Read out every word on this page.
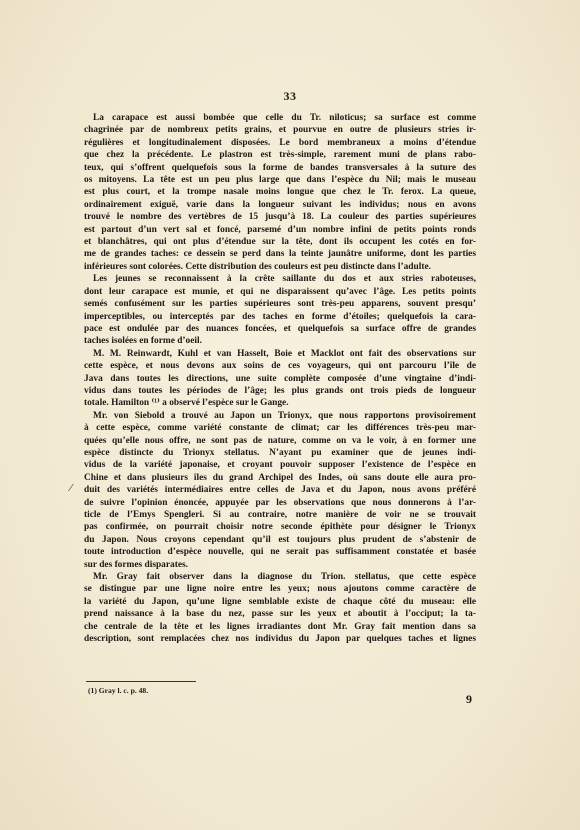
33
La carapace est aussi bombée que celle du Tr. niloticus; sa surface est comme
chagrinée par de nombreux petits grains, et pourvue en outre de plusieurs stries ir-
régulières et longitudinalement disposées. Le bord membraneux a moins d’étendue
que chez la précédente. Le plastron est très-simple, rarement muni de plans rabo-
teux, qui s’offrent quelquefois sous la forme de bandes transversales à la suture des
os mitoyens. La tête est un peu plus large que dans l’espèce du Nil; mais le museau
est plus court, et la trompe nasale moins longue que chez le Tr. ferox. La queue,
ordinairement exiguë, varie dans la longueur suivant les individus; nous en avons
trouvé le nombre des vertèbres de 15 jusqu’à 18. La couleur des parties supérieures
est partout d’un vert sal et foncé, parsemé d’un nombre infini de petits points ronds
et blanchâtres, qui ont plus d’étendue sur la tête, dont ils occupent les cotés en for-
me de grandes taches: ce dessein se perd dans la teinte jaunâtre uniforme, dont les parties
inférieures sont colorées. Cette distribution des couleurs est peu distincte dans l’adulte.
Les jeunes se reconnaissent à la crête saillante du dos et aux stries raboteuses,
dont leur carapace est munie, et qui ne disparaissent qu’avec l’âge. Les petits points
semés confusément sur les parties supérieures sont très-peu apparens, souvent presqu’
imperceptibles, ou interceptés par des taches en forme d’étoiles; quelquefois la cara-
pace est ondulée par des nuances foncées, et quelquefois sa surface offre de grandes
taches isolées en forme d’oeil.
M. M. Reinwardt, Kuhl et van Hasselt, Boie et Macklot ont fait des observations sur
cette espèce, et nous devons aux soins de ces voyageurs, qui ont parcouru l’île de
Java dans toutes les directions, une suite complète composée d’une vingtaine d’indi-
vidus dans toutes les périodes de l’âge; les plus grands ont trois pieds de longueur
totale. Hamilton ⁽¹⁾ a observé l’espèce sur le Gange.
Mr. von Siebold a trouvé au Japon un Trionyx, que nous rapportons provisoirement
à cette espèce, comme variété constante de climat; car les différences très-peu mar-
quées qu’elle nous offre, ne sont pas de nature, comme on va le voir, à en former une
espèce distincte du Trionyx stellatus. N’ayant pu examiner que de jeunes indi-
vidus de la variété japonaise, et croyant pouvoir supposer l’existence de l’espèce en
Chine et dans plusieurs îles du grand Archipel des Indes, où sans doute elle aura pro-
duit des variétés intermédiaires entre celles de Java et du Japon, nous avons préféré
de suivre l’opinion énoncée, appuyée par les observations que nous donnerons à l’ar-
ticle de l’Emys Spengleri. Si au contraire, notre manière de voir ne se trouvait
pas confirmée, on pourrait choisir notre seconde épithète pour désigner le Trionyx
du Japon. Nous croyons cependant qu’il est toujours plus prudent de s’abstenir de
toute introduction d’espèce nouvelle, qui ne serait pas suffisamment constatée et basée
sur des formes disparates.
Mr. Gray fait observer dans la diagnose du Trion. stellatus, que cette espèce
se distingue par une ligne noire entre les yeux; nous ajoutons comme caractère de
la variété du Japon, qu’une ligne semblable existe de chaque côté du museau: elle
prend naissance à la base du nez, passe sur les yeux et aboutit à l’occiput; la ta-
che centrale de la tête et les lignes irradiantes dont Mr. Gray fait mention dans sa
description, sont remplacées chez nos individus du Japon par quelques taches et lignes
⁄
(1) Gray l. c. p. 48.
9
